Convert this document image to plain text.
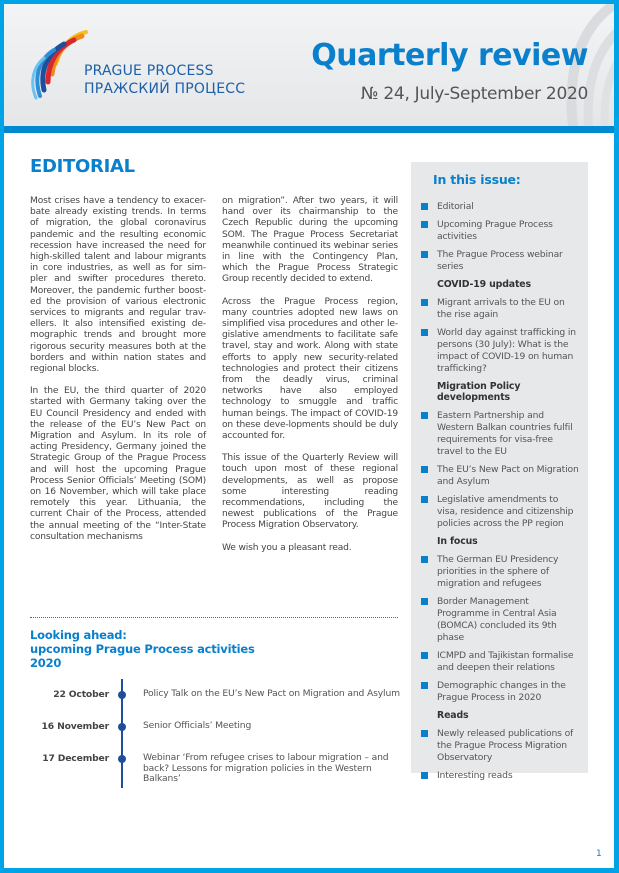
PRAGUE PROCESS
ПРАЖСКИЙ ПРОЦЕСС
Quarterly review
№ 24, July-September 2020
EDITORIAL

Most crises have a tendency to exacer-bate already existing trends. In terms of migration, the global coronavirus pandemic and the resulting economic recession have increased the need for high-skilled talent and labour migrants in core industries, as well as for sim-pler and swifter procedures thereto. Moreover, the pandemic further boost-ed the provision of various electronic services to migrants and regular trav-ellers. It also intensified existing de-mographic trends and brought more rigorous security measures both at the borders and within nation states and regional blocks.

In the EU, the third quarter of 2020 started with Germany taking over the EU Council Presidency and ended with the release of the EU’s New Pact on Migration and Asylum. In its role of acting Presidency, Germany joined the Strategic Group of the Prague Process and will host the upcoming Prague Process Senior Officials’ Meeting (SOM) on 16 November, which will take place remotely this year. Lithuania, the current Chair of the Process, attended the annual meeting of the “Inter-State consultation mechanisms

on migration”. After two years, it will hand over its chairmanship to the Czech Republic during the upcoming SOM. The Prague Process Secretariat meanwhile continued its webinar series in line with the Contingency Plan, which the Prague Process Strategic Group recently decided to extend.

Across the Prague Process region, many countries adopted new laws on simplified visa procedures and other le-gislative amendments to facilitate safe travel, stay and work. Along with state efforts to apply new security-related technologies and protect their citizens from the deadly virus, criminal networks have also employed technology to smuggle and traffic human beings. The impact of COVID-19 on these deve-lopments should be duly accounted for.

This issue of the Quarterly Review will touch upon most of these regional developments, as well as propose some interesting reading recommendations, including the newest publications of the Prague Process Migration Observatory.

We wish you a pleasant read.

In this issue:
Editorial
Upcoming Prague Process activities
The Prague Process webinar series
COVID-19 updates
Migrant arrivals to the EU on the rise again
World day against trafficking in persons (30 July): What is the impact of COVID-19 on human trafficking?
Migration Policy developments
Eastern Partnership and Western Balkan countries fulfil requirements for visa-free travel to the EU
The EU’s New Pact on Migration and Asylum
Legislative amendments to visa, residence and citizenship policies across the PP region
In focus
The German EU Presidency priorities in the sphere of migration and refugees
Border Management Programme in Central Asia (BOMCA) concluded its 9th phase
ICMPD and Tajikistan formalise and deepen their relations
Demographic changes in the Prague Process in 2020
Reads
Newly released publications of the Prague Process Migration Observatory
Interesting reads
Looking ahead:
upcoming Prague Process activities
2020
22 October	Policy Talk on the EU’s New Pact on Migration and Asylum
16 November	Senior Officials’ Meeting
17 December	Webinar ‘From refugee crises to labour migration – and back? Lessons for migration policies in the Western Balkans’
1
